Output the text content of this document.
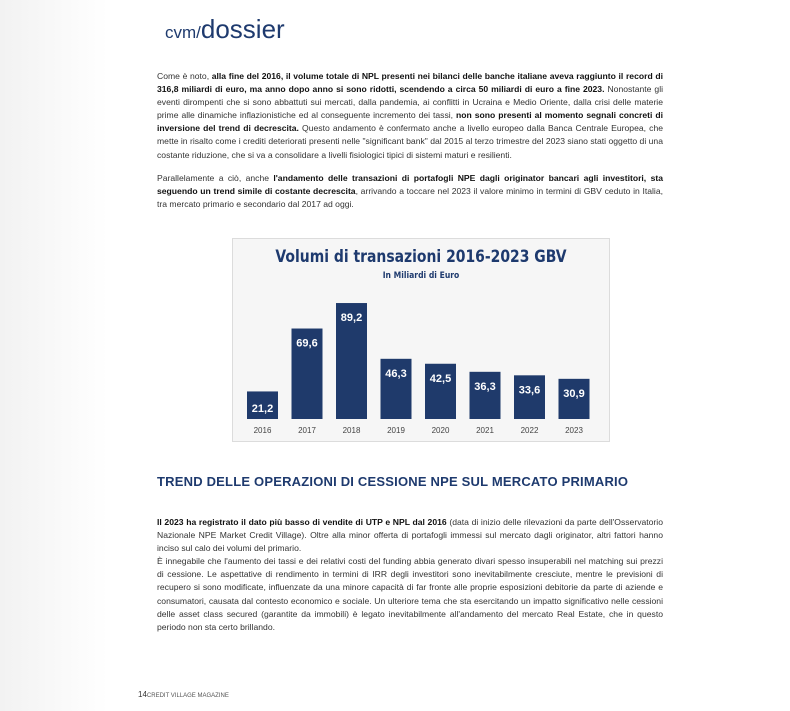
cvm/dossier
Come è noto, alla fine del 2016, il volume totale di NPL presenti nei bilanci delle banche italiane aveva raggiunto il record di 316,8 miliardi di euro, ma anno dopo anno si sono ridotti, scendendo a circa 50 miliardi di euro a fine 2023. Nonostante gli eventi dirompenti che si sono abbattuti sui mercati, dalla pandemia, ai conflitti in Ucraina e Medio Oriente, dalla crisi delle materie prime alle dinamiche inflazionistiche ed al conseguente incremento dei tassi, non sono presenti al momento segnali concreti di inversione del trend di decrescita. Questo andamento è confermato anche a livello europeo dalla Banca Centrale Europea, che mette in risalto come i crediti deteriorati presenti nelle "significant bank" dal 2015 al terzo trimestre del 2023 siano stati oggetto di una costante riduzione, che si va a consolidare a livelli fisiologici tipici di sistemi maturi e resilienti.
Parallelamente a ciò, anche l'andamento delle transazioni di portafogli NPE dagli originator bancari agli investitori, sta seguendo un trend simile di costante decrescita, arrivando a toccare nel 2023 il valore minimo in termini di GBV ceduto in Italia, tra mercato primario e secondario dal 2017 ad oggi.
Volumi di transazioni 2016-2023 GBV
In Miliardi di Euro
21,2
2016
69,6
2017
89,2
2018
46,3
2019
42,5
2020
36,3
2021
33,6
2022
30,9
2023
TREND DELLE OPERAZIONI DI CESSIONE NPE SUL MERCATO PRIMARIO
Il 2023 ha registrato il dato più basso di vendite di UTP e NPL dal 2016 (data di inizio delle rilevazioni da parte dell'Osservatorio Nazionale NPE Market Credit Village). Oltre alla minor offerta di portafogli immessi sul mercato dagli originator, altri fattori hanno inciso sul calo dei volumi del primario.
È innegabile che l'aumento dei tassi e dei relativi costi del funding abbia generato divari spesso insuperabili nel matching sui prezzi di cessione. Le aspettative di rendimento in termini di IRR degli investitori sono inevitabilmente cresciute, mentre le previsioni di recupero si sono modificate, influenzate da una minore capacità di far fronte alle proprie esposizioni debitorie da parte di aziende e consumatori, causata dal contesto economico e sociale. Un ulteriore tema che sta esercitando un impatto significativo nelle cessioni delle asset class secured (garantite da immobili) è legato inevitabilmente all'andamento del mercato Real Estate, che in questo periodo non sta certo brillando.
14CREDIT VILLAGE MAGAZINE
